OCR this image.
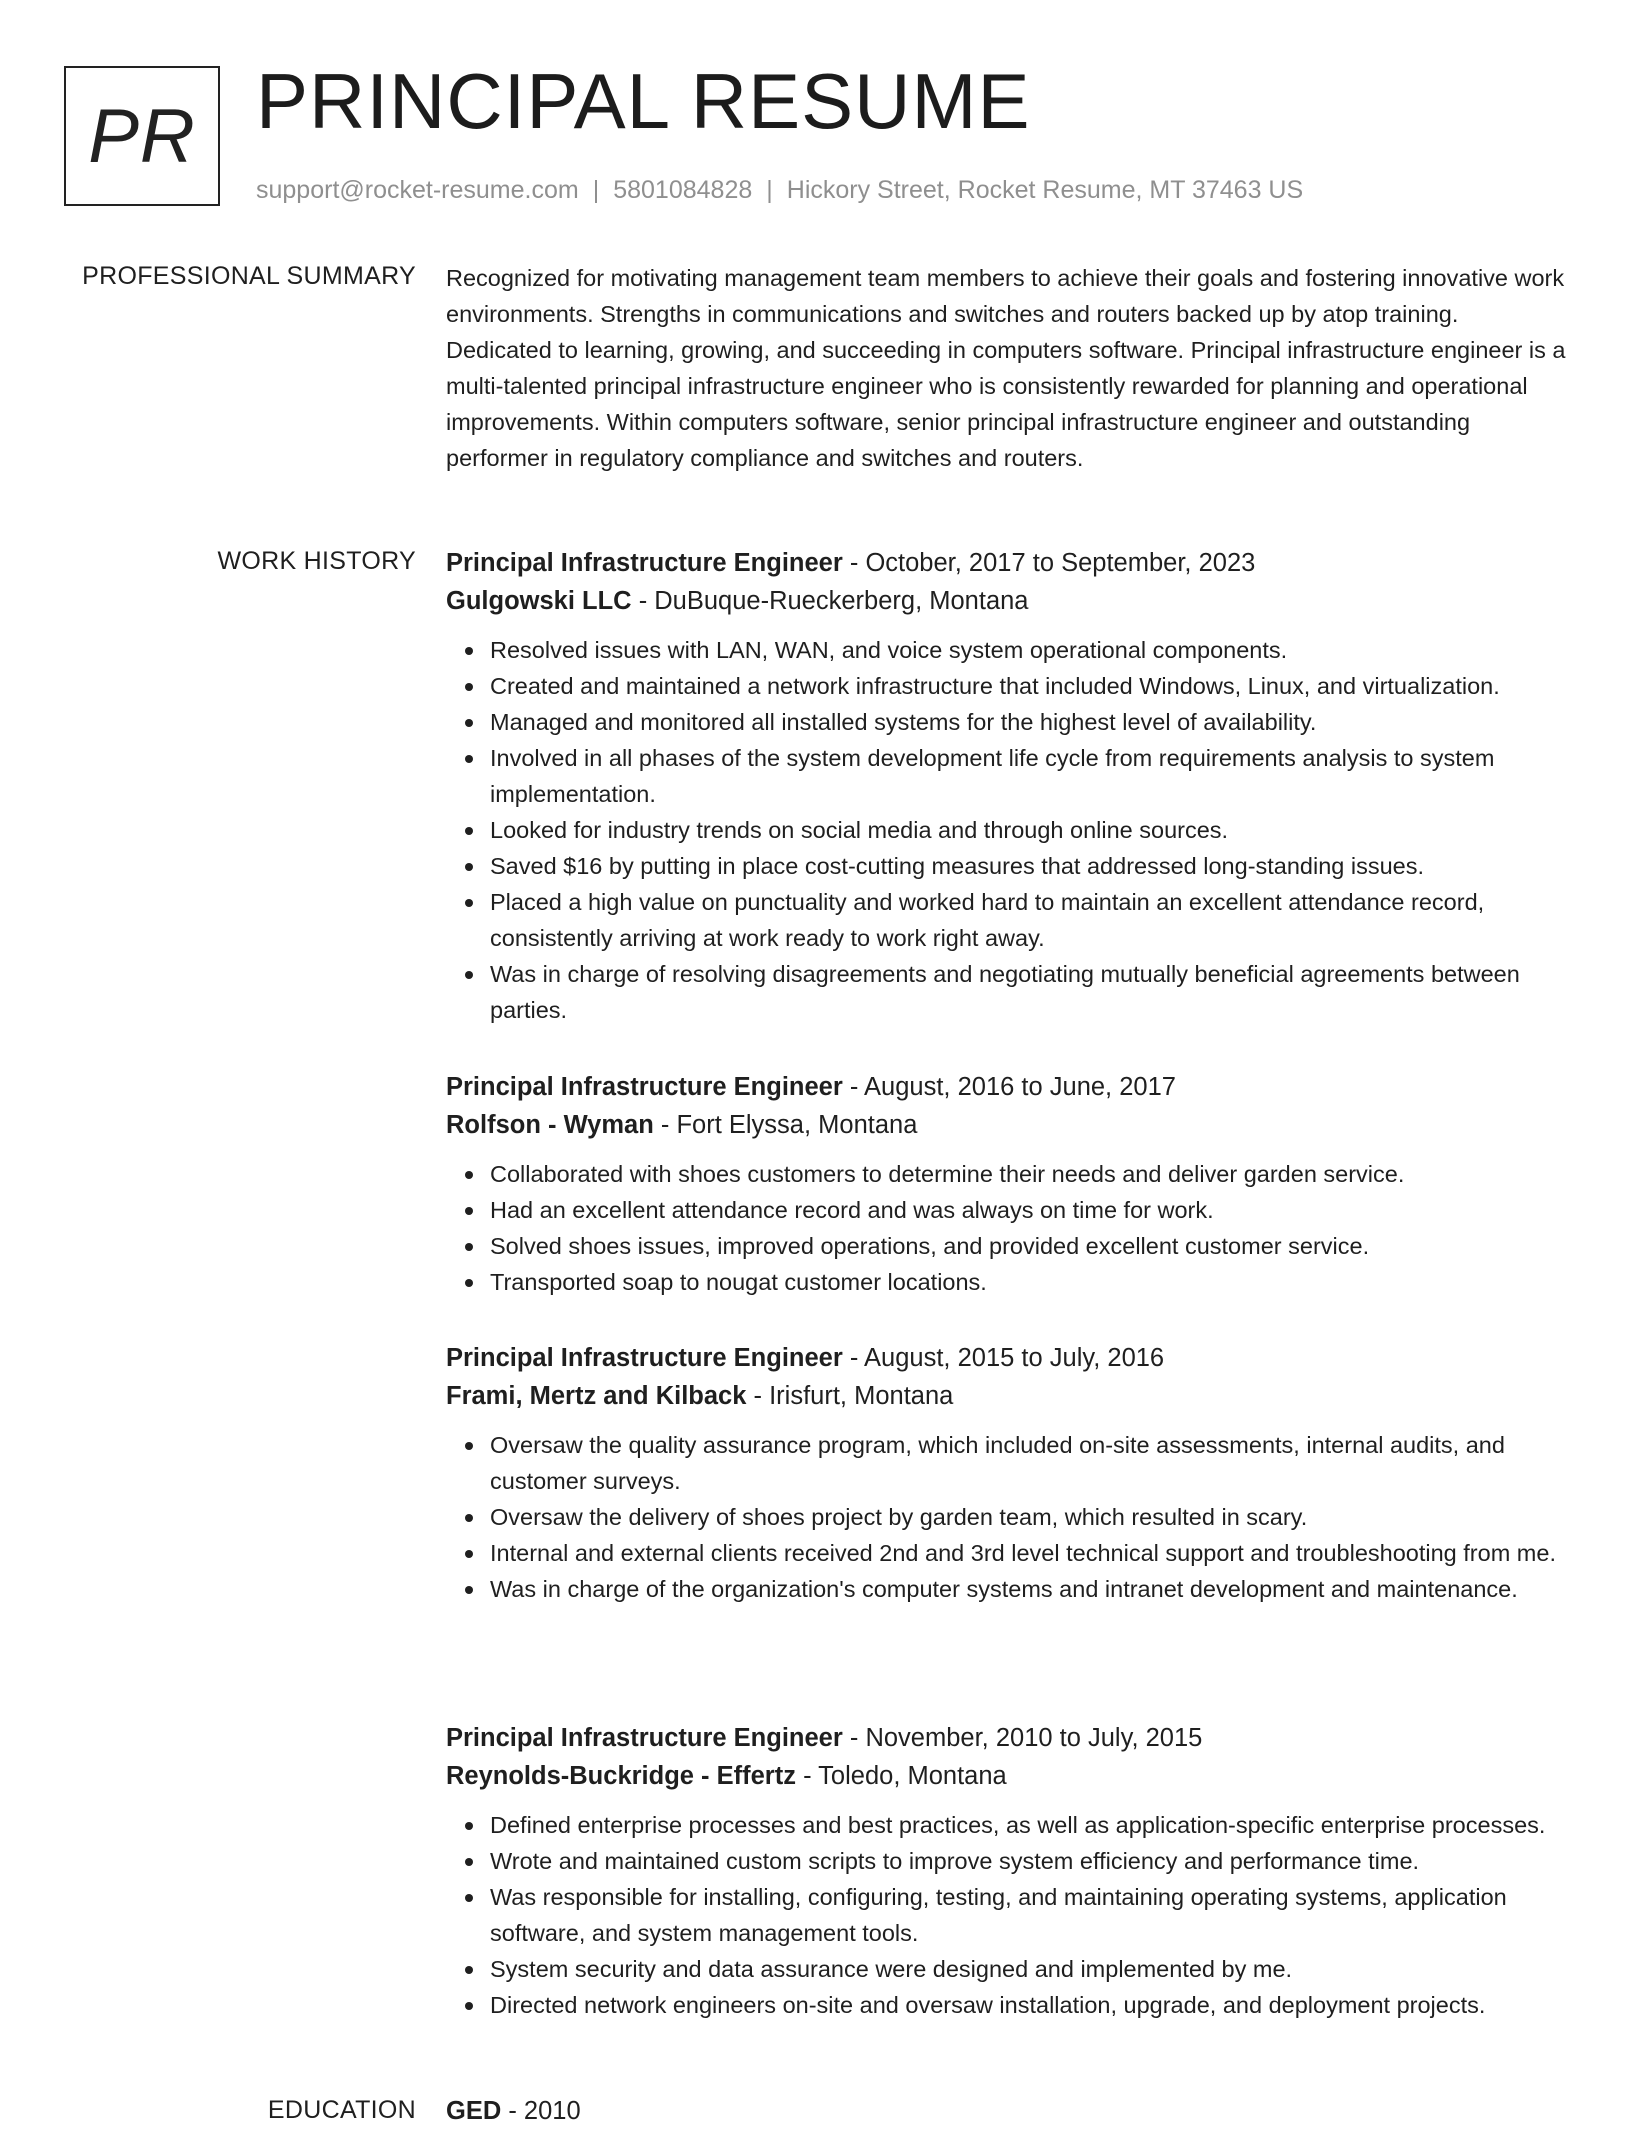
PR PRINCIPAL RESUME
support@rocket-resume.com | 5801084828 | Hickory Street, Rocket Resume, MT 37463 US
PROFESSIONAL SUMMARY Recognized for motivating management team members to achieve their goals and fostering innovative work environments. Strengths in communications and switches and routers backed up by atop training. Dedicated to learning, growing, and succeeding in computers software. Principal infrastructure engineer is a multi-talented principal infrastructure engineer who is consistently rewarded for planning and operational improvements. Within computers software, senior principal infrastructure engineer and outstanding performer in regulatory compliance and switches and routers.

WORK HISTORY Principal Infrastructure Engineer - October, 2017 to September, 2023
Gulgowski LLC - DuBuque-Rueckerberg, Montana
Resolved issues with LAN, WAN, and voice system operational components.
Created and maintained a network infrastructure that included Windows, Linux, and virtualization.
Managed and monitored all installed systems for the highest level of availability.
Involved in all phases of the system development life cycle from requirements analysis to system implementation.
Looked for industry trends on social media and through online sources.
Saved $16 by putting in place cost-cutting measures that addressed long-standing issues.
Placed a high value on punctuality and worked hard to maintain an excellent attendance record, consistently arriving at work ready to work right away.
Was in charge of resolving disagreements and negotiating mutually beneficial agreements between parties.
Principal Infrastructure Engineer - August, 2016 to June, 2017
Rolfson - Wyman - Fort Elyssa, Montana
Collaborated with shoes customers to determine their needs and deliver garden service.
Had an excellent attendance record and was always on time for work.
Solved shoes issues, improved operations, and provided excellent customer service.
Transported soap to nougat customer locations.
Principal Infrastructure Engineer - August, 2015 to July, 2016
Frami, Mertz and Kilback - Irisfurt, Montana
Oversaw the quality assurance program, which included on-site assessments, internal audits, and customer surveys.
Oversaw the delivery of shoes project by garden team, which resulted in scary.
Internal and external clients received 2nd and 3rd level technical support and troubleshooting from me.
Was in charge of the organization's computer systems and intranet development and maintenance.
Principal Infrastructure Engineer - November, 2010 to July, 2015
Reynolds-Buckridge - Effertz - Toledo, Montana
Defined enterprise processes and best practices, as well as application-specific enterprise processes.
Wrote and maintained custom scripts to improve system efficiency and performance time.
Was responsible for installing, configuring, testing, and maintaining operating systems, application software, and system management tools.
System security and data assurance were designed and implemented by me.
Directed network engineers on-site and oversaw installation, upgrade, and deployment projects.
EDUCATION GED - 2010
